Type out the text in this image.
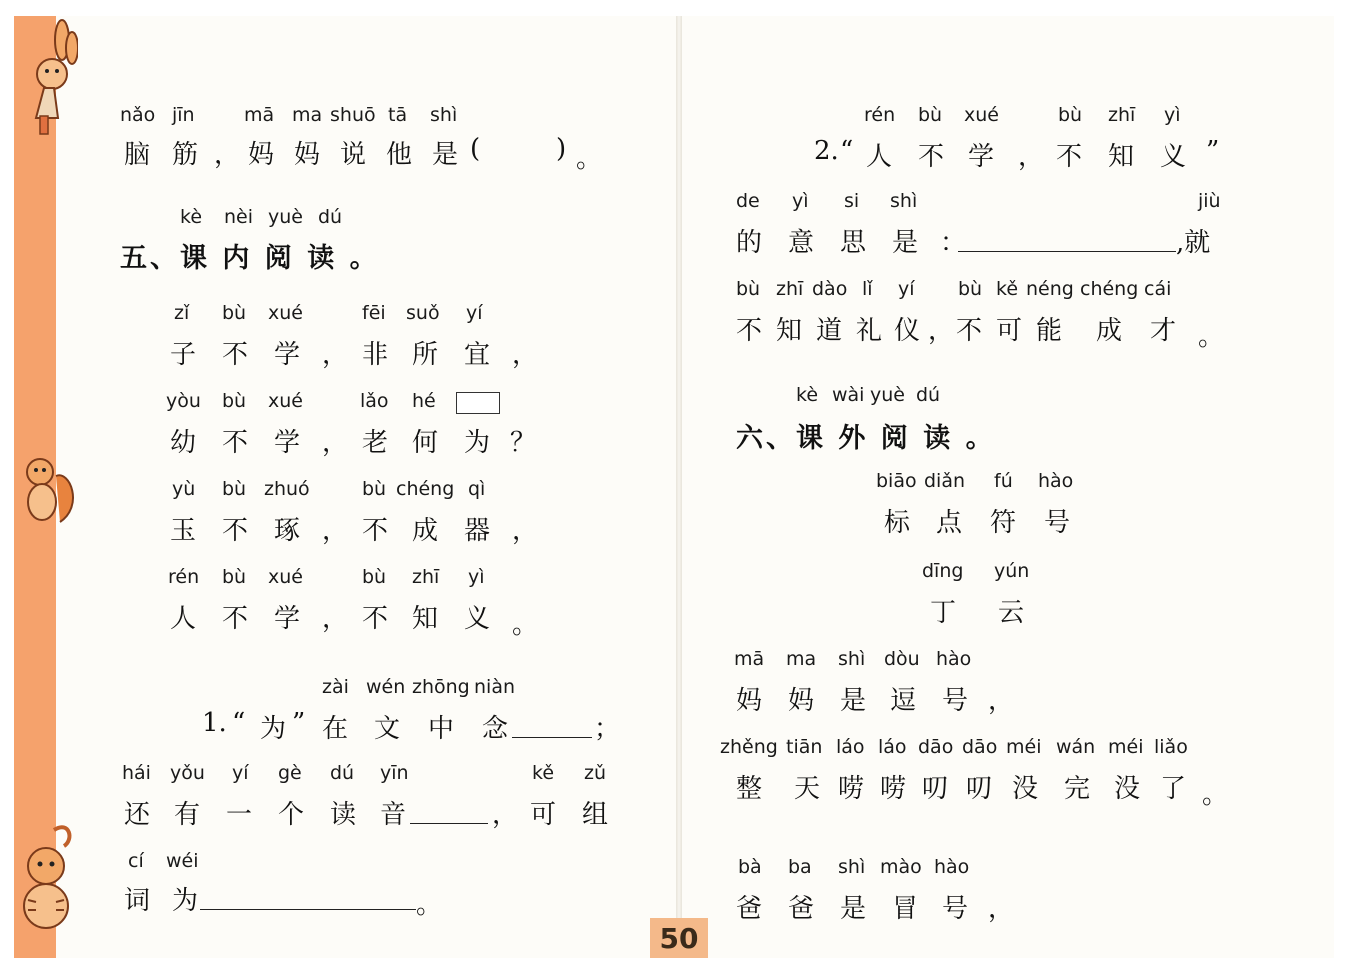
nǎo jīn	mā ma shuō tā shì
脑 筋 ， 妈 妈 说 他 是 (	) 。
kè nèi yuè dú
五、课 内 阅 读 。
zǐ bù xué	fēi suǒ yí
子 不 学 ， 非 所 宜 ，
yòu bù xué	lǎo hé
幼 不 学 ， 老 何 为 ？
yù bù zhuó	bù chéng qì
玉 不 琢 ， 不 成 器 ，
rén bù xué	bù zhī yì
人 不 学 ， 不 知 义 。
zài wén zhōng niàn
1. “ 为 ” 在 文 中 念	；
hái yǒu yí gè dú yīn	kě zǔ
还 有 一 个 读 音	， 可 组
cí wéi
词 为	。
rén bù xué	bù zhī yì
2. “ 人 不 学 ， 不 知 义 ”
de yì si shì	jiù
的 意 思 是 ：	,就
bù zhī dào lǐ yí bù kě néng chéng cái
不 知 道 礼 仪 ， 不 可 能 成 才 。
kè wài yuè dú
六、课 外 阅 读 。
biāo diǎn fú hào
标 点 符 号
dīng yún
丁 云
mā ma shì dòu hào
妈 妈 是 逗 号 ，
zhěng tiān láo láo dāo dāo méi wán méi liǎo
整 天 唠 唠 叨 叨 没 完 没 了 。
bà ba shì mào hào
爸 爸 是 冒 号 ，
50
